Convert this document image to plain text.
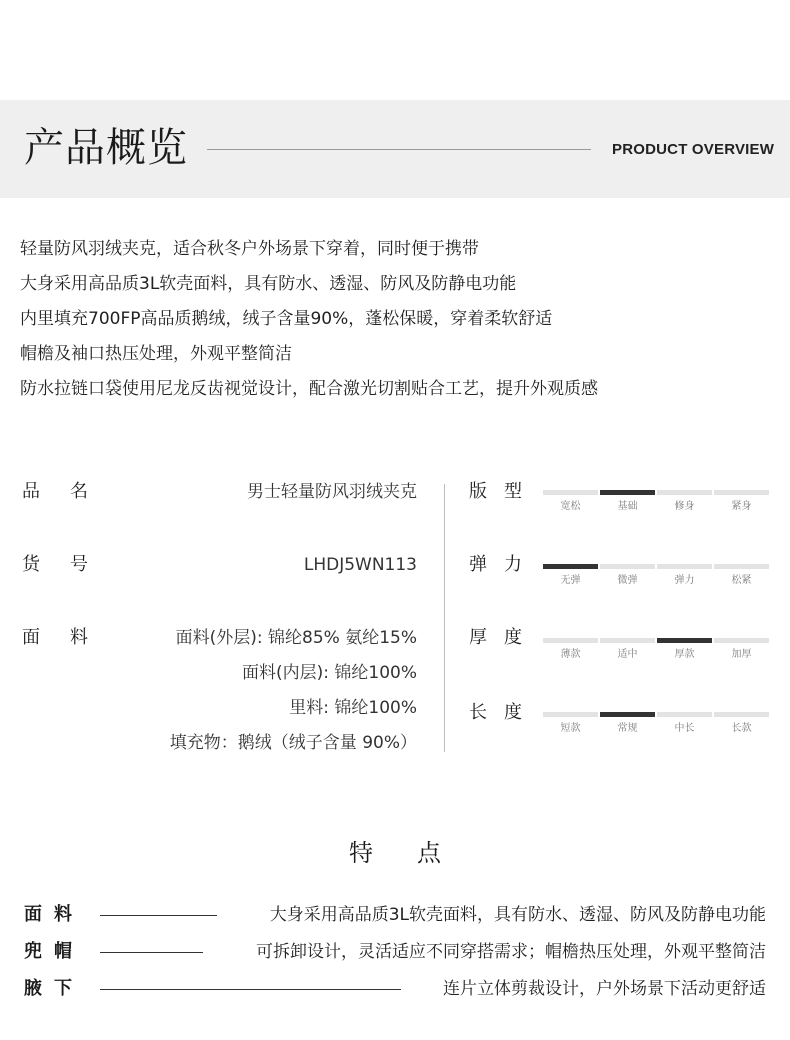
产品概览	PRODUCT OVERVIEW
轻量防风羽绒夹克，适合秋冬户外场景下穿着，同时便于携带
大身采用高品质3L软壳面料，具有防水、透湿、防风及防静电功能
内里填充700FP高品质鹅绒，绒子含量90%，蓬松保暖，穿着柔软舒适
帽檐及袖口热压处理，外观平整简洁
防水拉链口袋使用尼龙反齿视觉设计，配合激光切割贴合工艺，提升外观质感
品名	男士轻量防风羽绒夹克
货号	LHDJ5WN113
面料	面料(外层): 锦纶85% 氨纶15%
面料(内层): 锦纶100%
里料: 锦纶100%
填充物：鹅绒（绒子含量 90%）
版型
宽松	基础	修身	紧身
弹力
无弹	微弹	弹力	松紧
厚度
薄款	适中	厚款	加厚
长度
短款	常规	中长	长款
特点
面料	大身采用高品质3L软壳面料，具有防水、透湿、防风及防静电功能
兜帽	可拆卸设计，灵活适应不同穿搭需求；帽檐热压处理，外观平整简洁
腋下	连片立体剪裁设计，户外场景下活动更舒适
